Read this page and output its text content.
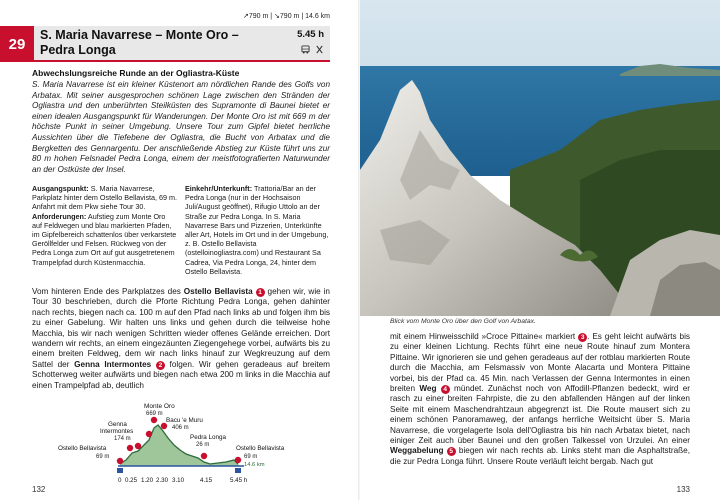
↗790 m | ↘790 m | 14.6 km
29
S. Maria Navarrese – Monte Oro – Pedra Longa
5.45 h

Abwechslungsreiche Runde an der Ogliastra-Küste

S. Maria Navarrese ist ein kleiner Küstenort am nördlichen Rande des Golfs von Arbatax. Mit seiner ausgesprochen schönen Lage zwischen den Stränden der Ogliastra und den unberührten Steilküsten des Supramonte di Baunei bietet er einen idealen Ausgangspunkt für Wanderungen. Der Monte Oro ist mit 669 m der höchste Punkt in seiner Umgebung. Unsere Tour zum Gipfel bietet herrliche Aussichten über die Tiefebene der Ogliastra, die Bucht von Arbatax und die Bergketten des Gennargentu. Der anschließende Abstieg zur Küste führt uns zur 80 m hohen Felsnadel Pedra Longa, einem der meistfotografierten Naturwunder an der Ostküste der Insel.

Ausgangspunkt: S. Maria Navarrese, Parkplatz hinter dem Ostello Bellavista, 69 m. Anfahrt mit dem Pkw siehe Tour 30.
Anforderungen: Aufstieg zum Monte Oro auf Feldwegen und blau markierten Pfaden, im Gipfelbereich schattenlos über verkarstete Geröllfelder und Felsen. Rückweg von der Pedra Longa zum Ort auf gut ausgetretenem Trampelpfad durch Küstenmacchia.
Einkehr/Unterkunft: Trattoria/Bar an der Pedra Longa (nur in der Hochsaison Juli/August geöffnet), Rifugio Uttolo an der Straße zur Pedra Longa. In S. Maria Navarrese Bars und Pizzerien, Unterkünfte aller Art, Hotels im Ort und in der Umgebung, z. B. Ostello Bellavista (ostelloinogliastra.com) und Restaurant Sa Cadrea, Via Pedra Longa, 24, hinter dem Ostello Bellavista.
Vom hinteren Ende des Parkplatzes des Ostello Bellavista 1 gehen wir, wie in Tour 30 beschrieben, durch die Pforte Richtung Pedra Longa, gehen dahinter nach rechts, biegen nach ca. 100 m auf den Pfad nach links ab und folgen ihm bis zu einer Gabelung. Wir halten uns links und gehen durch die teilweise hohe Macchia, bis wir nach wenigen Schritten wieder offenes Gelände erreichen. Dort wandern wir rechts, an einem eingezäunten Ziegengehege vorbei, aufwärts bis zu einem breiten Feldweg, dem wir nach links hinauf zur Wegkreuzung auf dem Sattel der Genna Intermontes 2 folgen. Wir gehen geradeaus auf breitem Schotterweg weiter aufwärts und biegen nach etwa 200 m links in die Macchia auf einen Trampelpfad ab, deutlich
Monte Oro
669 m
Genna
Intermontes
174 m
Bacu 'e Muru
406 m
Pedra Longa
26 m
Ostello Bellavista
69 m
Ostello Bellavista
69 m
14.6 km
0 0.25 1.20 2.30 3.10	4.15	5.45 h
132
Blick vom Monte Oro über den Golf von Arbatax.
mit einem Hinweisschild »Croce Pittaine« markiert 3 . Es geht leicht aufwärts bis zu einer kleinen Lichtung. Rechts führt eine neue Route hinauf zum Montera Pittaine. Wir ignorieren sie und gehen geradeaus auf der rotblau markierten Route durch die Macchia, am Felsmassiv von Monte Alacarta und Montera Pittaine vorbei, bis der Pfad ca. 45 Min. nach Verlassen der Genna Intermontes in einen breiten Weg 4 mündet. Zunächst noch von Affodill-Pflanzen bedeckt, wird er rasch zu einer breiten Fahrpiste, die zu den abfallenden Hängen auf der linken Seite mit einem Maschendrahtzaun abgegrenzt ist. Die Route mausert sich zu einem schönen Panoramaweg, der anfangs herrliche Weitsicht über S. Maria Navarrese, die vorgelagerte Isola dell'Ogliastra bis hin nach Arbatax bietet, nach einiger Zeit auch über Baunei und den großen Talkessel von Urzulei. An einer Weggabelung 5 biegen wir nach rechts ab. Links steht man die Asphaltstraße, die zur Pedra Longa führt. Unsere Route verläuft leicht bergab. Nach gut
133
